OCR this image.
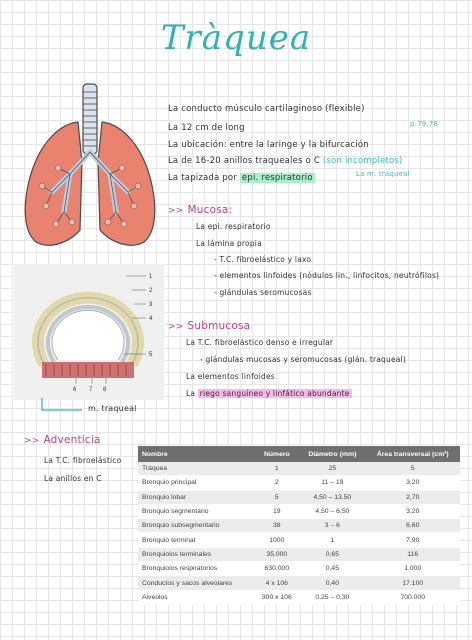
Tràquea
1
2
3
4
5
6 7 8
m. traqueal
La conducto músculo cartilaginoso (flexible)
La 12 cm de long	p.79,78
La ubicación: entre la laringe y la bifurcación
La de 16-20 anillos traqueales o C (son incompletos)
La tapizada por epi. respiratorio	La m. traqueal
>> Mucosa:
La epi. respiratorio
La lámina propia
- T.C. fibroelástico y laxo
- elementos linfoides (nódulos lin., linfocitos, neutrófilos)
- glándulas seromucosas
>> Submucosa
La T.C. fibroelástico denso e irregular
- glándulas mucosas y seromucosas (glán. traqueal)
La elementos linfoides
La riego sanguíneo y linfático abundante
>> Adventicia
La T.C. fibroelástico
La anillos en C
Nombre	Número	Diámetro (mm)	Área transversal (cm²)
Tráquea	1	25	5
Bronquio principal	2	11 – 19	3,20
Bronquio lobar	5	4,50 – 13,50	2,70
Bronquio segmentario	19	4,50 – 6,50	3,20
Bronquio subsegmentario	38	3 – 6	6,60
Bronquio terminal	1000	1	7,90
Bronquiolos terminales	35.000	0,65	116
Bronquiolos respiratorios	630.000	0,45	1.000
Conductos y sacos alveolares	4 x 106	0,40	17.100
Alveolos	300 x 106	0,25 – 0,30	700.000
